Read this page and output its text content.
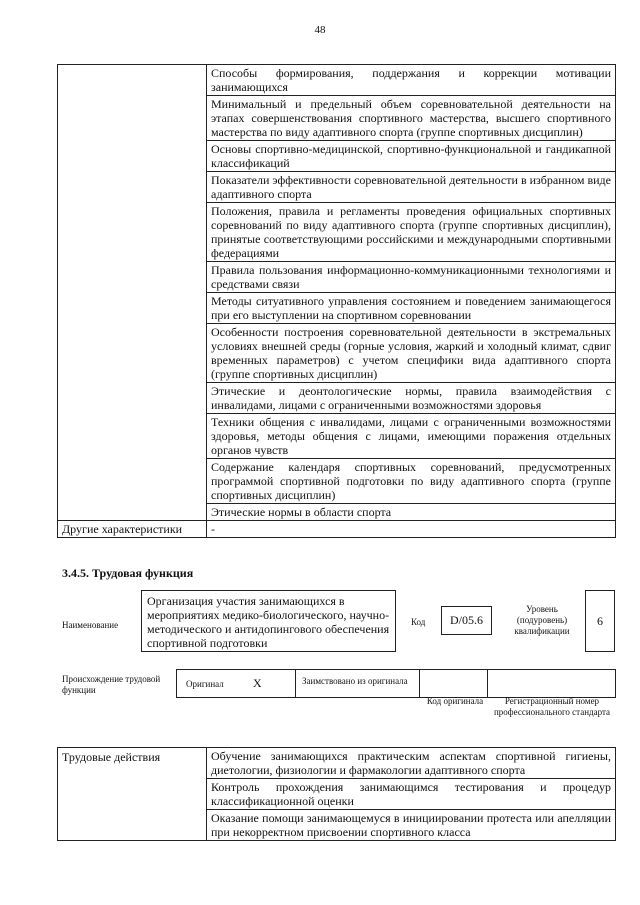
48
	Способы формирования, поддержания и коррекции мотивации занимающихся
	Минимальный и предельный объем соревновательной деятельности на этапах совершенствования спортивного мастерства, высшего спортивного мастерства по виду адаптивного спорта (группе спортивных дисциплин)
	Основы спортивно-медицинской, спортивно-функциональной и гандикапной классификаций
	Показатели эффективности соревновательной деятельности в избранном виде адаптивного спорта
	Положения, правила и регламенты проведения официальных спортивных соревнований по виду адаптивного спорта (группе спортивных дисциплин), принятые соответствующими российскими и международными спортивными федерациями
	Правила пользования информационно-коммуникационными технологиями и средствами связи
	Методы ситуативного управления состоянием и поведением занимающегося при его выступлении на спортивном соревновании
	Особенности построения соревновательной деятельности в экстремальных условиях внешней среды (горные условия, жаркий и холодный климат, сдвиг временных параметров) с учетом специфики вида адаптивного спорта (группе спортивных дисциплин)
	Этические и деонтологические нормы, правила взаимодействия с инвалидами, лицами с ограниченными возможностями здоровья
	Техники общения с инвалидами, лицами с ограниченными возможностями здоровья, методы общения с лицами, имеющими поражения отдельных органов чувств
	Содержание календаря спортивных соревнований, предусмотренных программой спортивной подготовки по виду адаптивного спорта (группе спортивных дисциплин)
	Этические нормы в области спорта
Другие характеристики	-
3.4.5. Трудовая функция
Наименование
Организация участия занимающихся в мероприятиях медико-биологического, научно-методического и антидопингового обеспечения спортивной подготовки
Код	D/05.6
Уровень (подуровень) квалификации
6
Происхождение трудовой функции
Оригинал X	Заимствовано из оригинала
Код оригинала	Регистрационный номер профессионального стандарта
Трудовые действия	Обучение занимающихся практическим аспектам спортивной гигиены, диетологии, физиологии и фармакологии адаптивного спорта
Контроль прохождения занимающимся тестирования и процедур классификационной оценки
Оказание помощи занимающемуся в инициировании протеста или апелляции при некорректном присвоении спортивного класса
